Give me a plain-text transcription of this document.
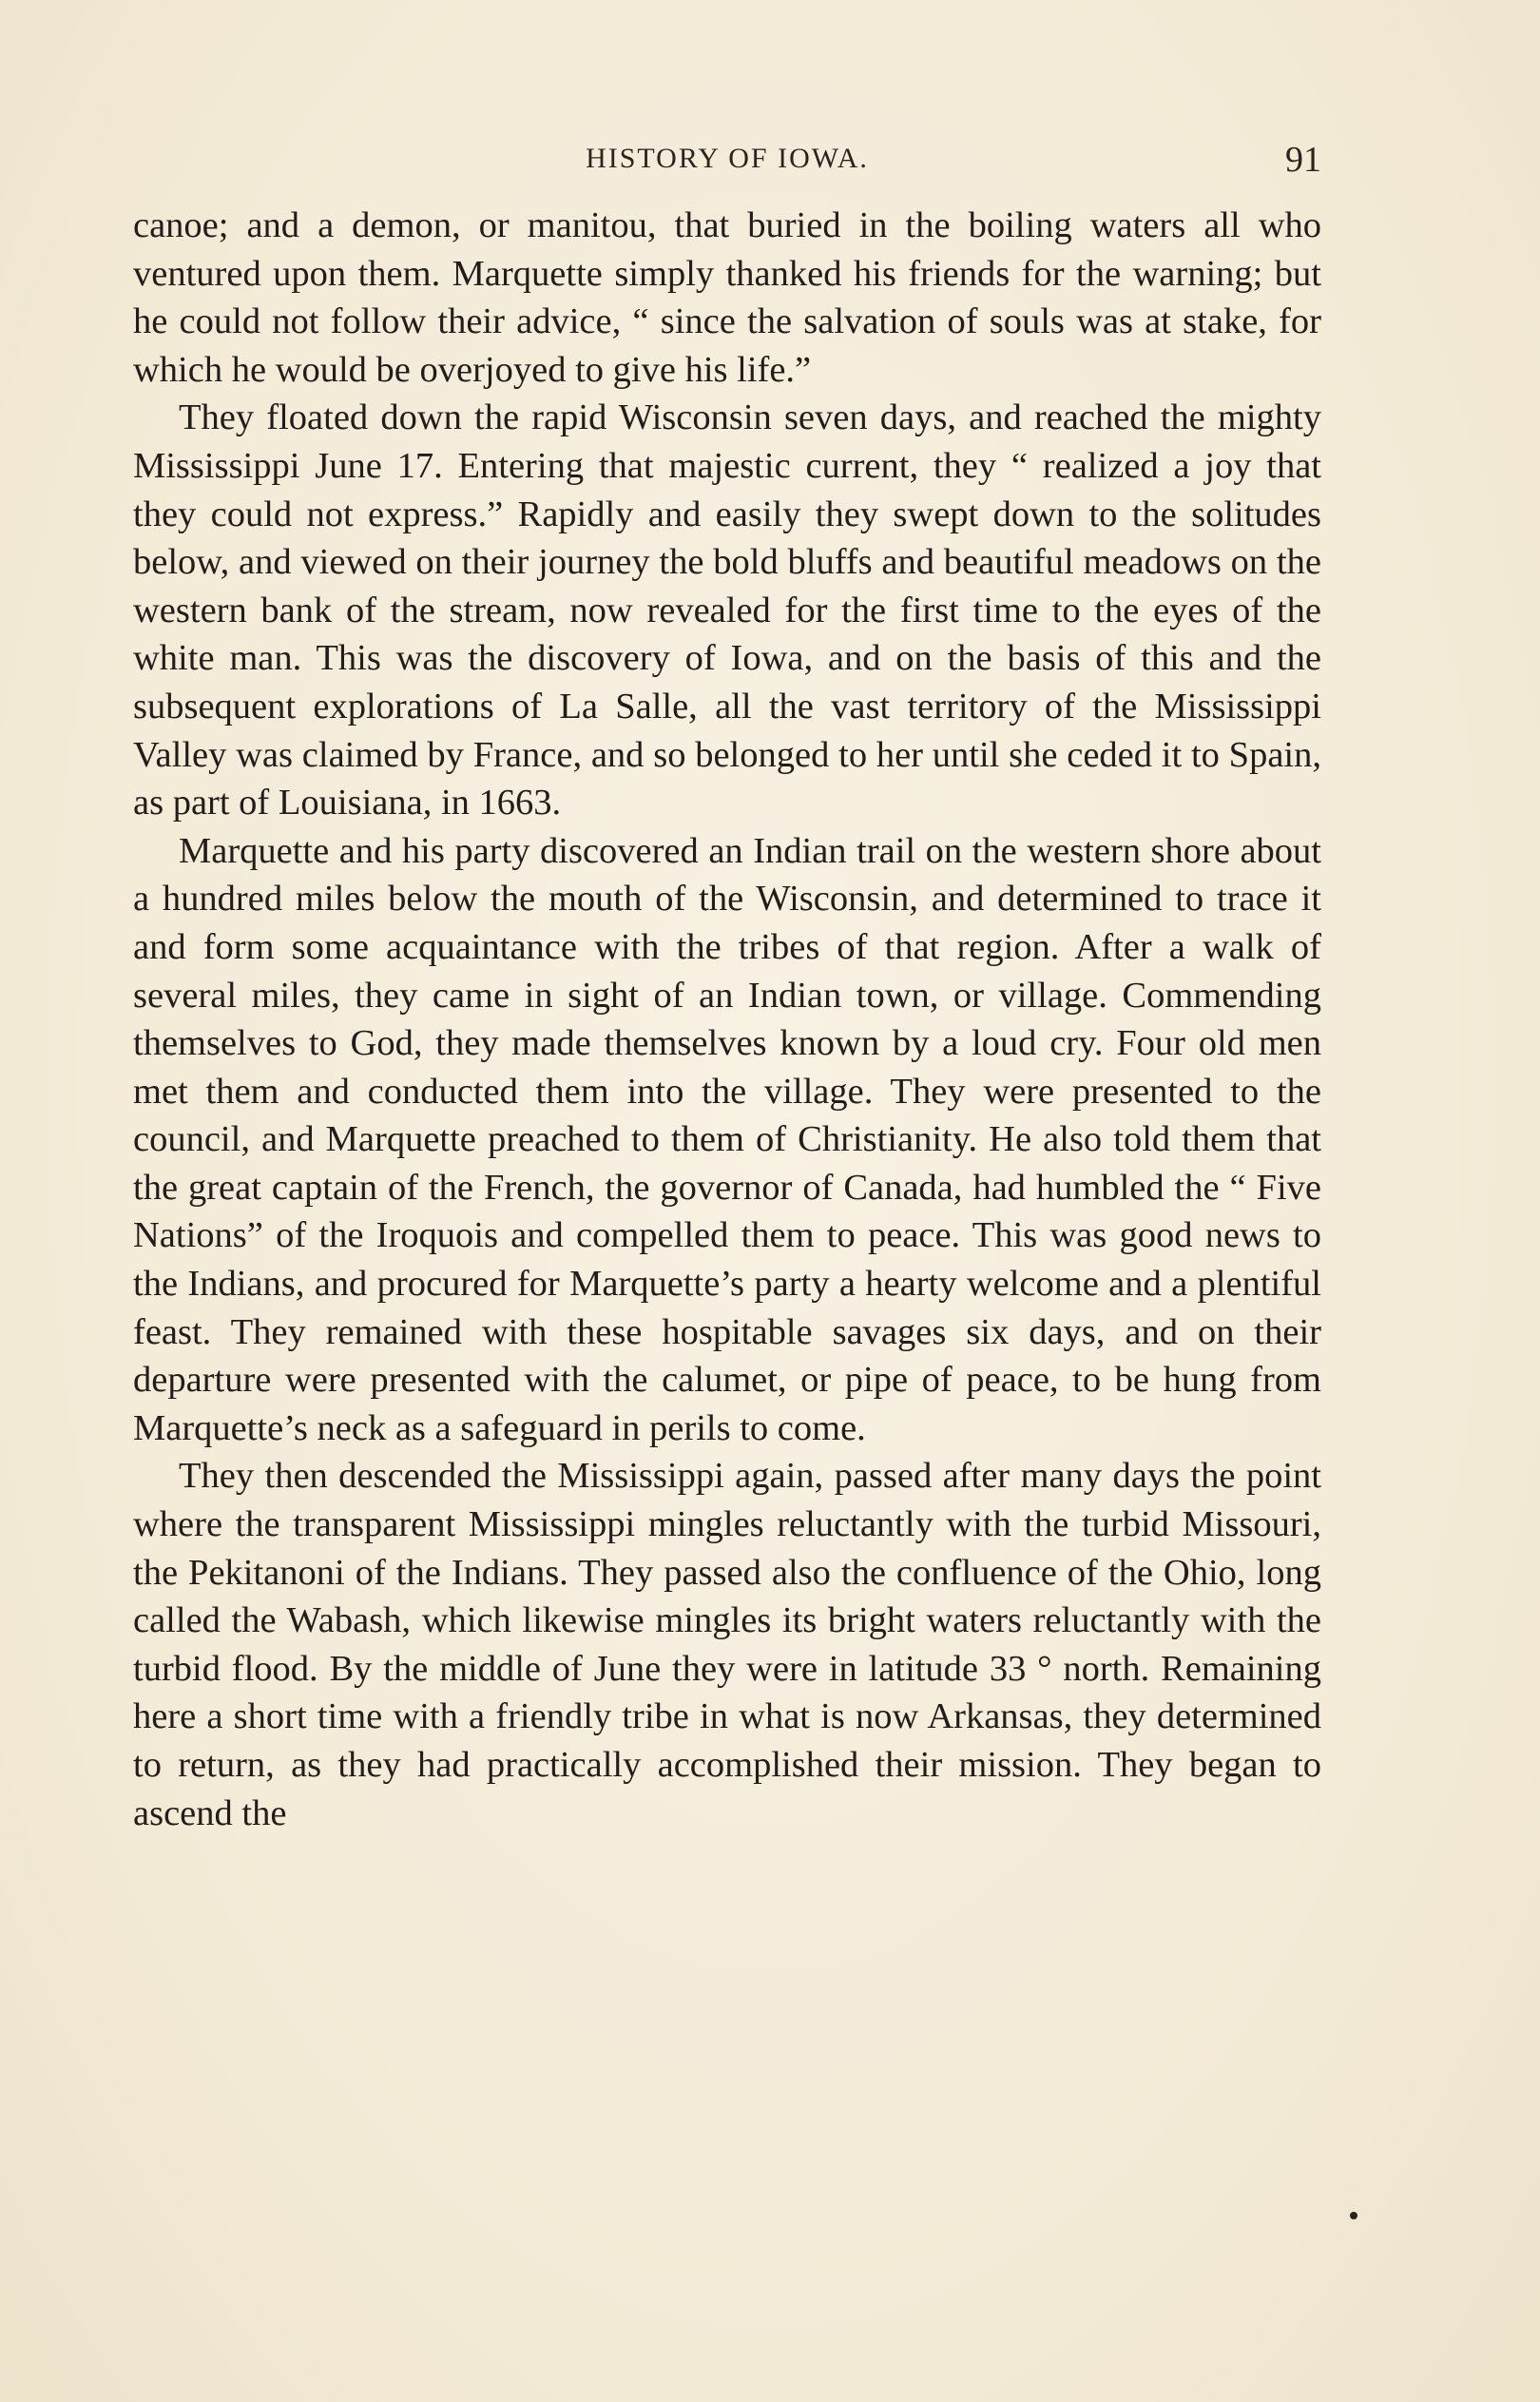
HISTORY OF IOWA.	91

canoe; and a demon, or manitou, that buried in the boiling waters all who ventured upon them. Marquette simply thanked his friends for the warning; but he could not follow their advice, “ since the salvation of souls was at stake, for which he would be overjoyed to give his life.”

They floated down the rapid Wisconsin seven days, and reached the mighty Mississippi June 17. Entering that majestic current, they “ realized a joy that they could not express.” Rapidly and easily they swept down to the solitudes below, and viewed on their journey the bold bluffs and beautiful meadows on the western bank of the stream, now revealed for the first time to the eyes of the white man. This was the discovery of Iowa, and on the basis of this and the subsequent explorations of La Salle, all the vast territory of the Mississippi Valley was claimed by France, and so belonged to her until she ceded it to Spain, as part of Louisiana, in 1663.

Marquette and his party discovered an Indian trail on the western shore about a hundred miles below the mouth of the Wisconsin, and determined to trace it and form some acquaintance with the tribes of that region. After a walk of several miles, they came in sight of an Indian town, or village. Commending themselves to God, they made themselves known by a loud cry. Four old men met them and conducted them into the village. They were presented to the council, and Marquette preached to them of Christianity. He also told them that the great captain of the French, the governor of Canada, had humbled the “ Five Nations” of the Iroquois and compelled them to peace. This was good news to the Indians, and procured for Marquette’s party a hearty welcome and a plentiful feast. They remained with these hospitable savages six days, and on their departure were presented with the calumet, or pipe of peace, to be hung from Marquette’s neck as a safeguard in perils to come.

They then descended the Mississippi again, passed after many days the point where the transparent Mississippi mingles reluctantly with the turbid Missouri, the Pekitanoni of the Indians. They passed also the confluence of the Ohio, long called the Wabash, which likewise mingles its bright waters reluctantly with the turbid flood. By the middle of June they were in latitude 33 ° north. Remaining here a short time with a friendly tribe in what is now Arkansas, they determined to return, as they had practically accomplished their mission. They began to ascend the
